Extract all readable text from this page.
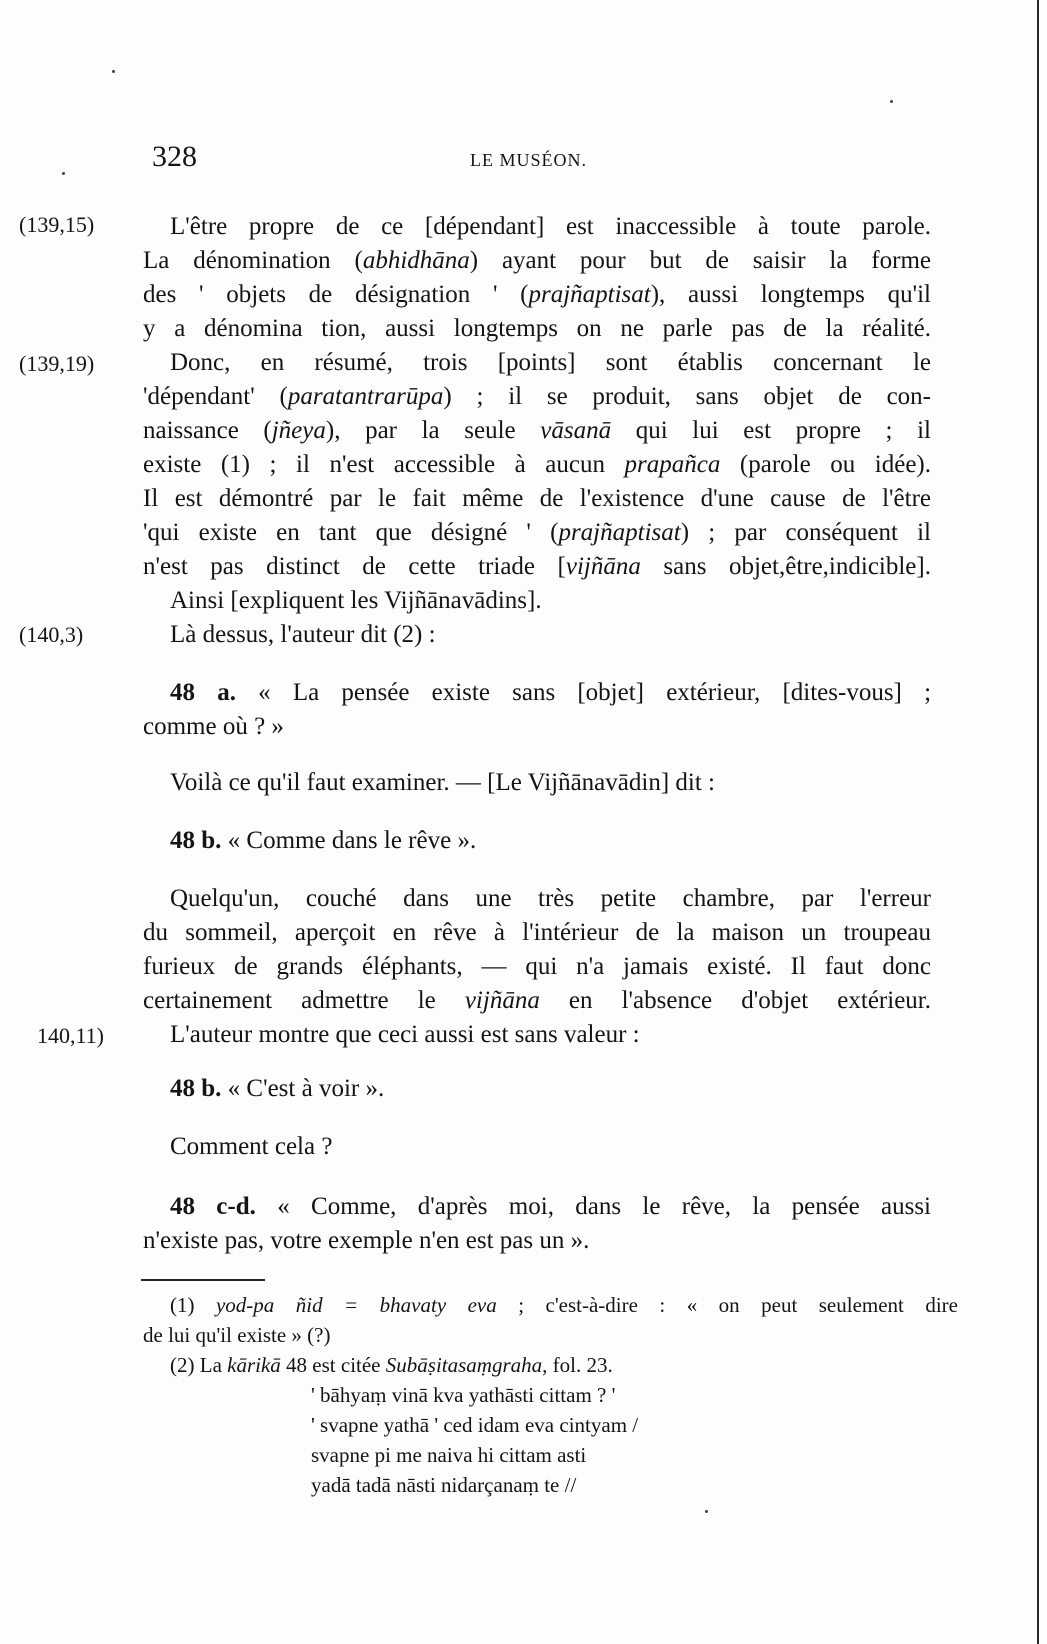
328	LE MUSÉON.
(139,15)
(139,19)
(140,3)
140,11)
L'être propre de ce [dépendant] est inaccessible à toute parole.
La dénomination (abhidhāna) ayant pour but de saisir la forme
des ' objets de désignation ' (prajñaptisat), aussi longtemps qu'il
y a dénomina tion, aussi longtemps on ne parle pas de la réalité.
Donc, en résumé, trois [points] sont établis concernant le
'dépendant' (paratantrarūpa) ; il se produit, sans objet de con-
naissance (jñeya), par la seule vāsanā qui lui est propre ; il
existe (1) ; il n'est accessible à aucun prapañca (parole ou idée).
Il est démontré par le fait même de l'existence d'une cause de l'être
'qui existe en tant que désigné ' (prajñaptisat) ; par conséquent il
n'est pas distinct de cette triade [vijñāna sans objet,être,indicible].
Ainsi [expliquent les Vijñānavādins].
Là dessus, l'auteur dit (2) :
48 a. « La pensée existe sans [objet] extérieur, [dites-vous] ;
comme où ? »
Voilà ce qu'il faut examiner. — [Le Vijñānavādin] dit :
48 b. « Comme dans le rêve ».
Quelqu'un, couché dans une très petite chambre, par l'erreur
du sommeil, aperçoit en rêve à l'intérieur de la maison un troupeau
furieux de grands éléphants, — qui n'a jamais existé. Il faut donc
certainement admettre le vijñāna en l'absence d'objet extérieur.
L'auteur montre que ceci aussi est sans valeur :
48 b. « C'est à voir ».
Comment cela ?
48 c-d. « Comme, d'après moi, dans le rêve, la pensée aussi
n'existe pas, votre exemple n'en est pas un ».
(1) yod-pa ñid = bhavaty eva ; c'est-à-dire : « on peut seulement dire
de lui qu'il existe » (?)
(2) La kārikā 48 est citée Subāṣitasaṃgraha, fol. 23.
' bāhyaṃ vinā kva yathāsti cittam ? '
' svapne yathā ' ced idam eva cintyam /
svapne pi me naiva hi cittam asti
yadā tadā nāsti nidarçanaṃ te //
